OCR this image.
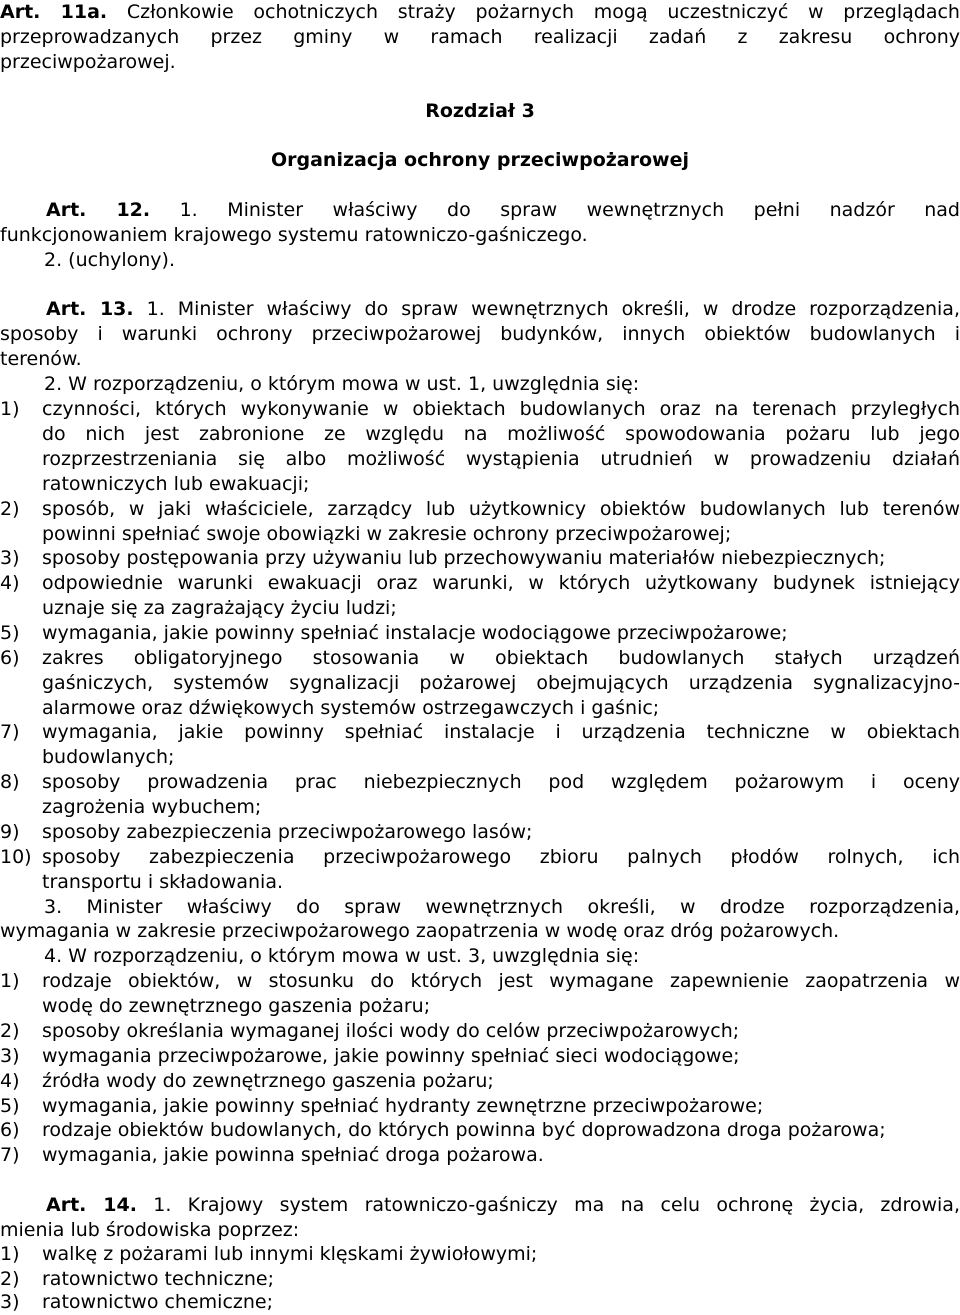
Art. 11a. Członkowie ochotniczych straży pożarnych mogą uczestniczyć w przeglądach
przeprowadzanych przez gminy w ramach realizacji zadań z zakresu ochrony
przeciwpożarowej.
Rozdział 3
Organizacja ochrony przeciwpożarowej
Art. 12. 1. Minister właściwy do spraw wewnętrznych pełni nadzór nad
funkcjonowaniem krajowego systemu ratowniczo-gaśniczego.
2. (uchylony).
Art. 13. 1. Minister właściwy do spraw wewnętrznych określi, w drodze rozporządzenia,
sposoby i warunki ochrony przeciwpożarowej budynków, innych obiektów budowlanych i
terenów.
2. W rozporządzeniu, o którym mowa w ust. 1, uwzględnia się:
1) czynności, których wykonywanie w obiektach budowlanych oraz na terenach przyległych
do nich jest zabronione ze względu na możliwość spowodowania pożaru lub jego
rozprzestrzeniania się albo możliwość wystąpienia utrudnień w prowadzeniu działań
ratowniczych lub ewakuacji;
2) sposób, w jaki właściciele, zarządcy lub użytkownicy obiektów budowlanych lub terenów
powinni spełniać swoje obowiązki w zakresie ochrony przeciwpożarowej;
3) sposoby postępowania przy używaniu lub przechowywaniu materiałów niebezpiecznych;
4) odpowiednie warunki ewakuacji oraz warunki, w których użytkowany budynek istniejący
uznaje się za zagrażający życiu ludzi;
5) wymagania, jakie powinny spełniać instalacje wodociągowe przeciwpożarowe;
6) zakres obligatoryjnego stosowania w obiektach budowlanych stałych urządzeń
gaśniczych, systemów sygnalizacji pożarowej obejmujących urządzenia sygnalizacyjno-
alarmowe oraz dźwiękowych systemów ostrzegawczych i gaśnic;
7) wymagania, jakie powinny spełniać instalacje i urządzenia techniczne w obiektach
budowlanych;
8) sposoby prowadzenia prac niebezpiecznych pod względem pożarowym i oceny
zagrożenia wybuchem;
9) sposoby zabezpieczenia przeciwpożarowego lasów;
10) sposoby zabezpieczenia przeciwpożarowego zbioru palnych płodów rolnych, ich
transportu i składowania.
3. Minister właściwy do spraw wewnętrznych określi, w drodze rozporządzenia,
wymagania w zakresie przeciwpożarowego zaopatrzenia w wodę oraz dróg pożarowych.
4. W rozporządzeniu, o którym mowa w ust. 3, uwzględnia się:
1) rodzaje obiektów, w stosunku do których jest wymagane zapewnienie zaopatrzenia w
wodę do zewnętrznego gaszenia pożaru;
2) sposoby określania wymaganej ilości wody do celów przeciwpożarowych;
3) wymagania przeciwpożarowe, jakie powinny spełniać sieci wodociągowe;
4) źródła wody do zewnętrznego gaszenia pożaru;
5) wymagania, jakie powinny spełniać hydranty zewnętrzne przeciwpożarowe;
6) rodzaje obiektów budowlanych, do których powinna być doprowadzona droga pożarowa;
7) wymagania, jakie powinna spełniać droga pożarowa.
Art. 14. 1. Krajowy system ratowniczo-gaśniczy ma na celu ochronę życia, zdrowia,
mienia lub środowiska poprzez:
1) walkę z pożarami lub innymi klęskami żywiołowymi;
2) ratownictwo techniczne;
3) ratownictwo chemiczne;
